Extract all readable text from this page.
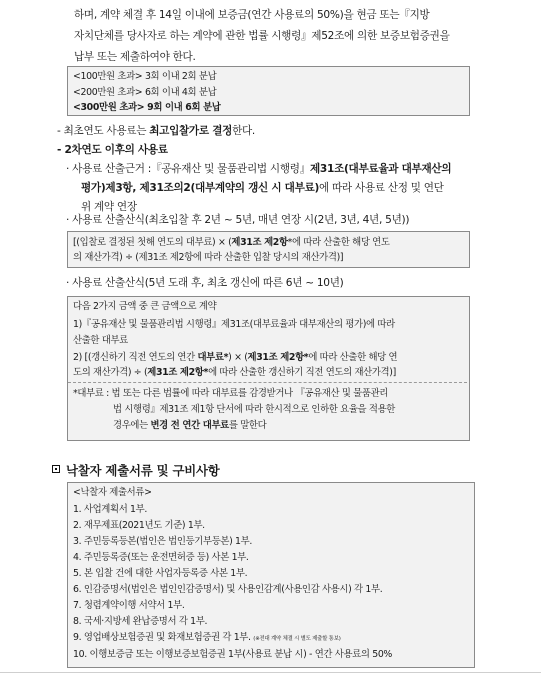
하며, 계약 체결 후 14일 이내에 보증금(연간 사용료의 50%)을 현금 또는『지방
자치단체를 당사자로 하는 계약에 관한 법률 시행령』제52조에 의한 보증보험증권을
납부 또는 제출하여야 한다.
<100만원 초과> 3회 이내 2회 분납
<200만원 초과> 6회 이내 4회 분납
<300만원 초과> 9회 이내 6회 분납
- 최초연도 사용료는 최고입찰가로 결정한다.
- 2차연도 이후의 사용료
· 사용료 산출근거 :『공유재산 및 물품관리법 시행령』제31조(대부료율과 대부재산의
평가)제3항, 제31조의2(대부계약의 갱신 시 대부료)에 따라 사용료 산정 및 연단
위 계약 연장
· 사용료 산출산식(최초입찰 후 2년 ~ 5년, 매년 연장 시(2년, 3년, 4년, 5년))
[(입찰로 결정된 첫해 연도의 대부료) × (제31조 제2항*에 따라 산출한 해당 연도
의 재산가격) ÷ (제31조 제2항에 따라 산출한 입찰 당시의 재산가격)]
· 사용료 산출산식(5년 도래 후, 최초 갱신에 따른 6년 ~ 10년)
다음 2가지 금액 중 큰 금액으로 계약
1)『공유재산 및 물품관리법 시행령』제31조(대부료율과 대부재산의 평가)에 따라
산출한 대부료
2) [(갱신하기 직전 연도의 연간 대부료*) × (제31조 제2항*에 따라 산출한 해당 연
도의 재산가격) ÷ (제31조 제2항*에 따라 산출한 갱신하기 직전 연도의 재산가격)]
*대부료 : 법 또는 다른 법률에 따라 대부료를 감경받거나 『공유재산 및 물품관리
법 시행령』제31조 제1항 단서에 따라 한시적으로 인하한 요율을 적용한
경우에는 변경 전 연간 대부료를 말한다
낙찰자 제출서류 및 구비사항
<낙찰자 제출서류>
1. 사업계획서 1부.
2. 재무제표(2021년도 기준) 1부.
3. 주민등록등본(법인은 법인등기부등본) 1부.
4. 주민등록증(또는 운전면허증 등) 사본 1부.
5. 본 입찰 건에 대한 사업자등록증 사본 1부.
6. 인감증명서(법인은 법인인감증명서) 및 사용인감계(사용인감 사용시) 각 1부.
7. 청렴계약이행 서약서 1부.
8. 국세·지방세 완납증명서 각 1부.
9. 영업배상보험증권 및 화재보험증권 각 1부. (※전대 계약 체결 시 별도 제출할 통보)
10. 이행보증금 또는 이행보증보험증권 1부(사용료 분납 시) - 연간 사용료의 50%
